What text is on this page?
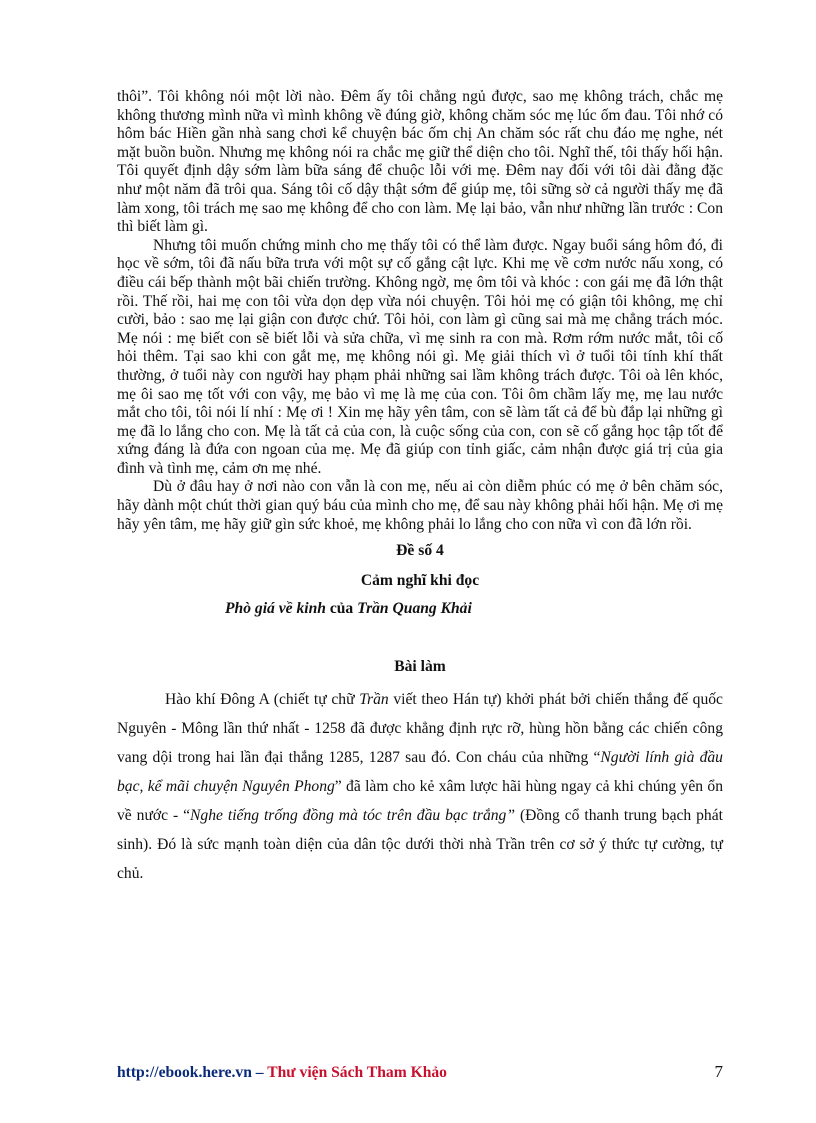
thôi”. Tôi không nói một lời nào. Đêm ấy tôi chẳng ngủ được, sao mẹ không trách, chắc mẹ không thương mình nữa vì mình không về đúng giờ, không chăm sóc mẹ lúc ốm đau. Tôi nhớ có hôm bác Hiền gần nhà sang chơi kể chuyện bác ốm chị An chăm sóc rất chu đáo mẹ nghe, nét mặt buồn buồn. Nhưng mẹ không nói ra chắc mẹ giữ thể diện cho tôi. Nghĩ thế, tôi thấy hối hận. Tôi quyết định dậy sớm làm bữa sáng để chuộc lỗi với mẹ. Đêm nay đối với tôi dài đằng đặc như một năm đã trôi qua. Sáng tôi cố dậy thật sớm để giúp mẹ, tôi sững sờ cả người thấy mẹ đã làm xong, tôi trách mẹ sao mẹ không để cho con làm. Mẹ lại bảo, vẫn như những lần trước : Con thì biết làm gì.

Nhưng tôi muốn chứng minh cho mẹ thấy tôi có thể làm được. Ngay buổi sáng hôm đó, đi học về sớm, tôi đã nấu bữa trưa với một sự cố gắng cật lực. Khi mẹ về cơm nước nấu xong, có điều cái bếp thành một bãi chiến trường. Không ngờ, mẹ ôm tôi và khóc : con gái mẹ đã lớn thật rồi. Thế rồi, hai mẹ con tôi vừa dọn dẹp vừa nói chuyện. Tôi hỏi mẹ có giận tôi không, mẹ chỉ cười, bảo : sao mẹ lại giận con được chứ. Tôi hỏi, con làm gì cũng sai mà mẹ chẳng trách móc. Mẹ nói : mẹ biết con sẽ biết lỗi và sửa chữa, vì mẹ sinh ra con mà. Rơm rớm nước mắt, tôi cố hỏi thêm. Tại sao khi con gắt mẹ, mẹ không nói gì. Mẹ giải thích vì ở tuổi tôi tính khí thất thường, ở tuổi này con người hay phạm phải những sai lầm không trách được. Tôi oà lên khóc, mẹ ôi sao mẹ tốt với con vậy, mẹ bảo vì mẹ là mẹ của con. Tôi ôm chầm lấy mẹ, mẹ lau nước mắt cho tôi, tôi nói lí nhí : Mẹ ơi ! Xin mẹ hãy yên tâm, con sẽ làm tất cả để bù đắp lại những gì mẹ đã lo lắng cho con. Mẹ là tất cả của con, là cuộc sống của con, con sẽ cố gắng học tập tốt để xứng đáng là đứa con ngoan của mẹ. Mẹ đã giúp con tỉnh giấc, cảm nhận được giá trị của gia đình và tình mẹ, cảm ơn mẹ nhé.

Dù ở đâu hay ở nơi nào con vẫn là con mẹ, nếu ai còn diễm phúc có mẹ ở bên chăm sóc, hãy dành một chút thời gian quý báu của mình cho mẹ, để sau này không phải hối hận. Mẹ ơi mẹ hãy yên tâm, mẹ hãy giữ gìn sức khoẻ, mẹ không phải lo lắng cho con nữa vì con đã lớn rồi.

Đề số 4

Cảm nghĩ khi đọc

Phò giá về kinh của Trần Quang Khải

Bài làm

Hào khí Đông A (chiết tự chữ Trần viết theo Hán tự) khởi phát bởi chiến thắng đế quốc Nguyên - Mông lần thứ nhất - 1258 đã được khẳng định rực rỡ, hùng hồn bằng các chiến công vang dội trong hai lần đại thắng 1285, 1287 sau đó. Con cháu của những “Người lính già đầu bạc, kể mãi chuyện Nguyên Phong” đã làm cho kẻ xâm lược hãi hùng ngay cả khi chúng yên ổn về nước - “Nghe tiếng trống đồng mà tóc trên đầu bạc trắng” (Đồng cổ thanh trung bạch phát sinh). Đó là sức mạnh toàn diện của dân tộc dưới thời nhà Trần trên cơ sở ý thức tự cường, tự chủ.

http://ebook.here.vn – Thư viện Sách Tham Khảo	7
